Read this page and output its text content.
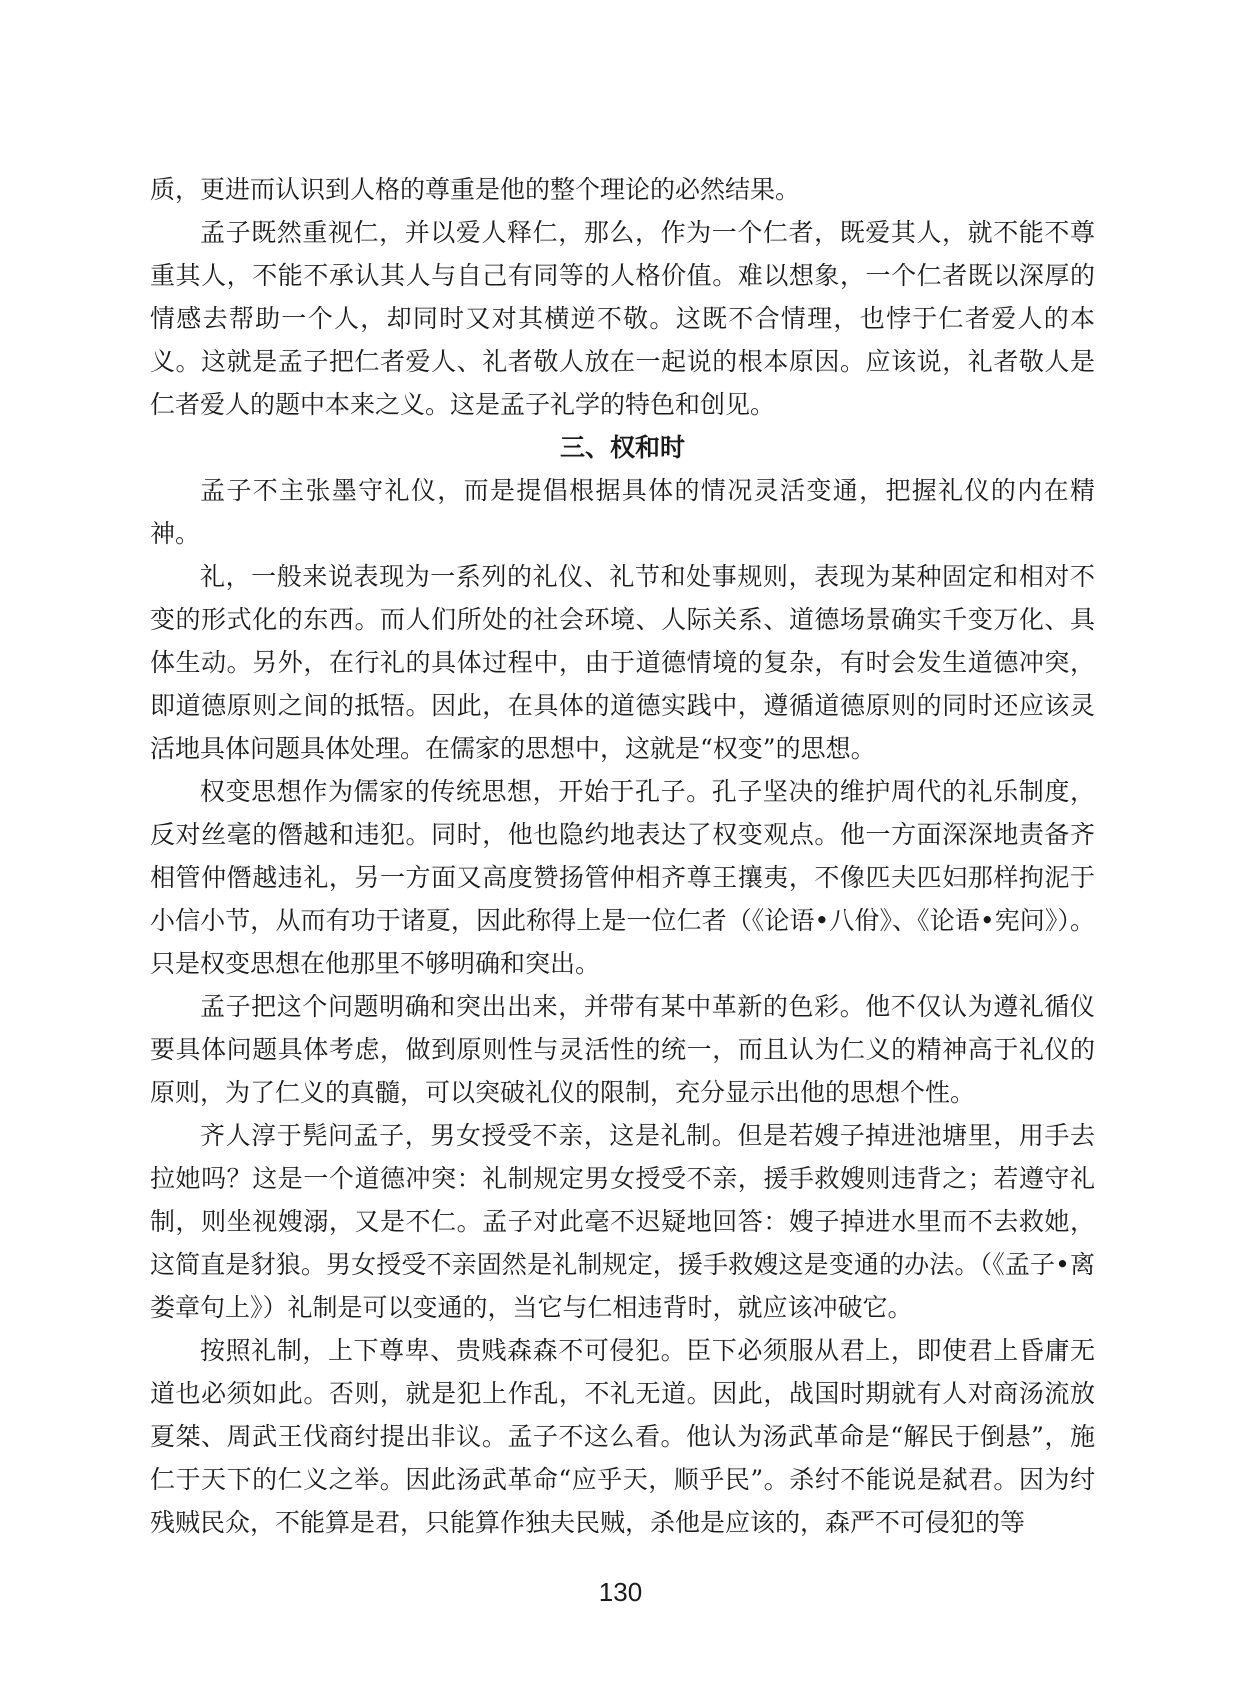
质，更进而认识到人格的尊重是他的整个理论的必然结果。

孟子既然重视仁，并以爱人释仁，那么，作为一个仁者，既爱其人，就不能不尊重其人，不能不承认其人与自己有同等的人格价值。难以想象，一个仁者既以深厚的情感去帮助一个人，却同时又对其横逆不敬。这既不合情理，也悖于仁者爱人的本义。这就是孟子把仁者爱人、礼者敬人放在一起说的根本原因。应该说，礼者敬人是仁者爱人的题中本来之义。这是孟子礼学的特色和创见。

三、权和时

孟子不主张墨守礼仪，而是提倡根据具体的情况灵活变通，把握礼仪的内在精神。

礼，一般来说表现为一系列的礼仪、礼节和处事规则，表现为某种固定和相对不变的形式化的东西。而人们所处的社会环境、人际关系、道德场景确实千变万化、具体生动。另外，在行礼的具体过程中，由于道德情境的复杂，有时会发生道德冲突，即道德原则之间的抵牾。因此，在具体的道德实践中，遵循道德原则的同时还应该灵活地具体问题具体处理。在儒家的思想中，这就是“权变”的思想。

权变思想作为儒家的传统思想，开始于孔子。孔子坚决的维护周代的礼乐制度，反对丝毫的僭越和违犯。同时，他也隐约地表达了权变观点。他一方面深深地责备齐相管仲僭越违礼，另一方面又高度赞扬管仲相齐尊王攘夷，不像匹夫匹妇那样拘泥于小信小节，从而有功于诸夏，因此称得上是一位仁者（《论语•八佾》、《论语•宪问》）。只是权变思想在他那里不够明确和突出。

孟子把这个问题明确和突出出来，并带有某中革新的色彩。他不仅认为遵礼循仪要具体问题具体考虑，做到原则性与灵活性的统一，而且认为仁义的精神高于礼仪的原则，为了仁义的真髓，可以突破礼仪的限制，充分显示出他的思想个性。

齐人淳于髡问孟子，男女授受不亲，这是礼制。但是若嫂子掉进池塘里，用手去拉她吗？这是一个道德冲突：礼制规定男女授受不亲，援手救嫂则违背之；若遵守礼制，则坐视嫂溺，又是不仁。孟子对此毫不迟疑地回答：嫂子掉进水里而不去救她，这简直是豺狼。男女授受不亲固然是礼制规定，援手救嫂这是变通的办法。（《孟子•离娄章句上》）礼制是可以变通的，当它与仁相违背时，就应该冲破它。

按照礼制，上下尊卑、贵贱森森不可侵犯。臣下必须服从君上，即使君上昏庸无道也必须如此。否则，就是犯上作乱，不礼无道。因此，战国时期就有人对商汤流放夏桀、周武王伐商纣提出非议。孟子不这么看。他认为汤武革命是“解民于倒悬”，施仁于天下的仁义之举。因此汤武革命“应乎天，顺乎民”。杀纣不能说是弑君。因为纣残贼民众，不能算是君，只能算作独夫民贼，杀他是应该的，森严不可侵犯的等

130
